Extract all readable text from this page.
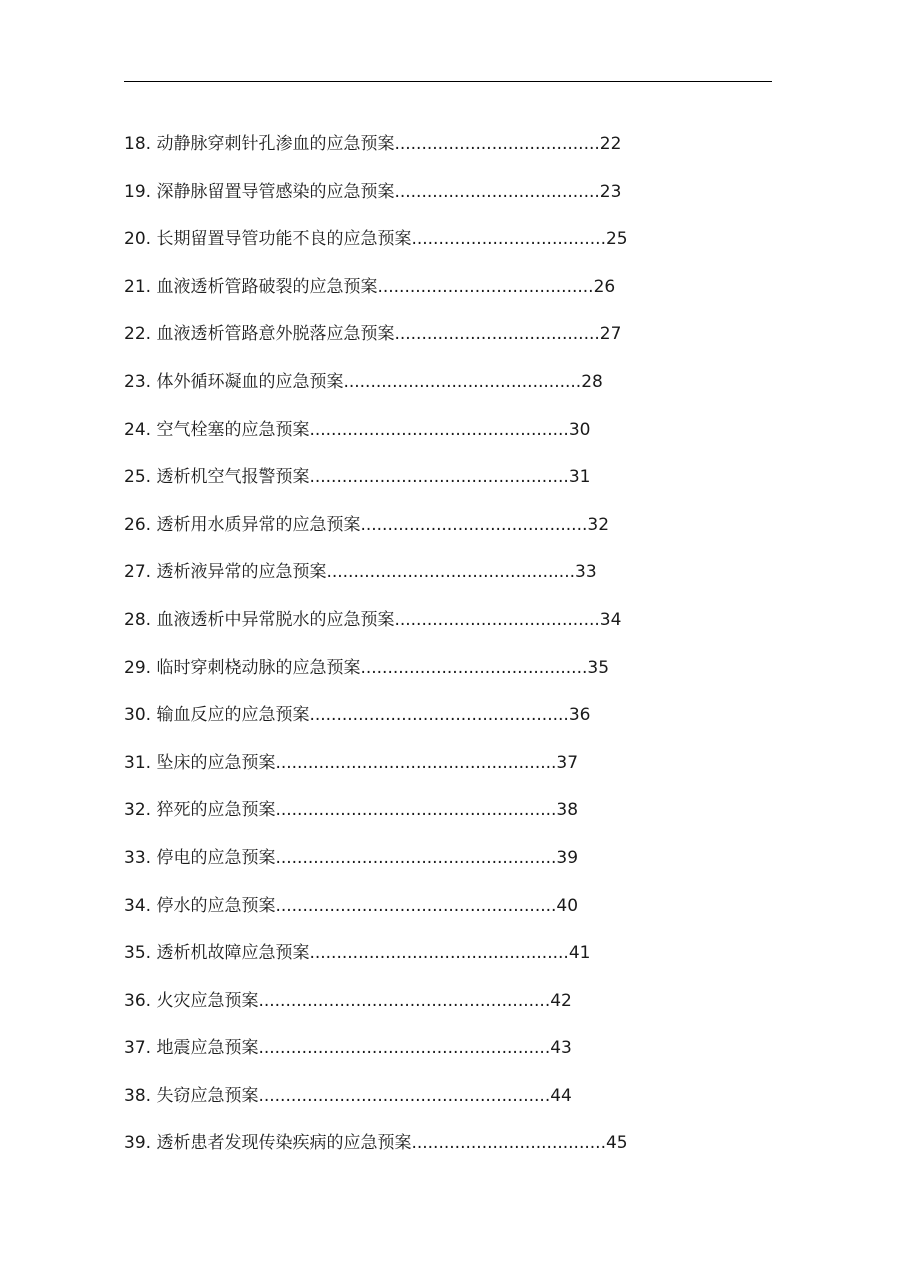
18. 动静脉穿刺针孔渗血的应急预案......................................22
19. 深静脉留置导管感染的应急预案......................................23
20. 长期留置导管功能不良的应急预案....................................25
21. 血液透析管路破裂的应急预案........................................26
22. 血液透析管路意外脱落应急预案......................................27
23. 体外循环凝血的应急预案............................................28
24. 空气栓塞的应急预案................................................30
25. 透析机空气报警预案................................................31
26. 透析用水质异常的应急预案..........................................32
27. 透析液异常的应急预案..............................................33
28. 血液透析中异常脱水的应急预案......................................34
29. 临时穿刺桡动脉的应急预案..........................................35
30. 输血反应的应急预案................................................36
31. 坠床的应急预案....................................................37
32. 猝死的应急预案....................................................38
33. 停电的应急预案....................................................39
34. 停水的应急预案....................................................40
35. 透析机故障应急预案................................................41
36. 火灾应急预案......................................................42
37. 地震应急预案......................................................43
38. 失窃应急预案......................................................44
39. 透析患者发现传染疾病的应急预案....................................45
